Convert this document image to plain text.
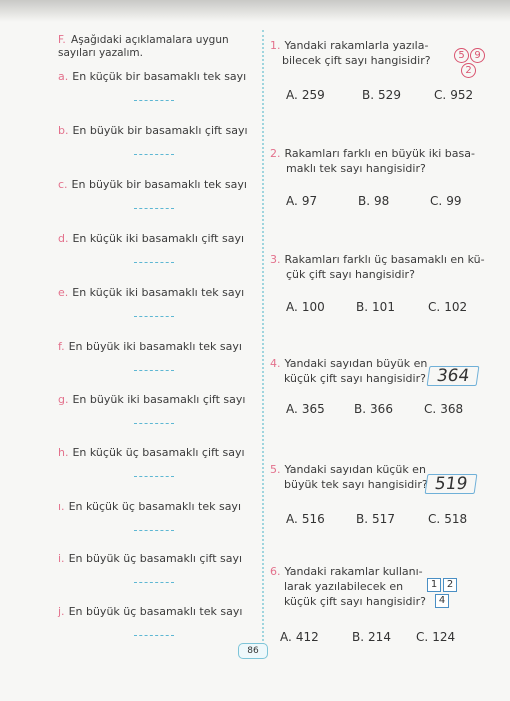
F. Aşağıdaki açıklamalara uygun sayıları yazalım.
a. En küçük bir basamaklı tek sayı
b. En büyük bir basamaklı çift sayı
c. En büyük bir basamaklı tek sayı
d. En küçük iki basamaklı çift sayı
e. En küçük iki basamaklı tek sayı
f. En büyük iki basamaklı tek sayı
g. En büyük iki basamaklı çift sayı
h. En küçük üç basamaklı çift sayı
ı. En küçük üç basamaklı tek sayı
i. En büyük üç basamaklı çift sayı
j. En büyük üç basamaklı tek sayı
1. Yandaki rakamlarla yazıla-
bilecek çift sayı hangisidir?	5 9
2
A. 259	B. 529	C. 952
2. Rakamları farklı en büyük iki basa-
maklı tek sayı hangisidir?
A. 97	B. 98	C. 99
3. Rakamları farklı üç basamaklı en kü-
çük çift sayı hangisidir?
A. 100	B. 101	C. 102
4. Yandaki sayıdan büyük en
küçük çift sayı hangisidir? 364
A. 365 B. 366	C. 368
5. Yandaki sayıdan küçük en
büyük tek sayı hangisidir? 519
A. 516	B. 517	C. 518
6. Yandaki rakamlar kullanı-
larak yazılabilecek en
küçük çift sayı hangisidir?
1 2
4
A. 412	B. 214 C. 124
86
